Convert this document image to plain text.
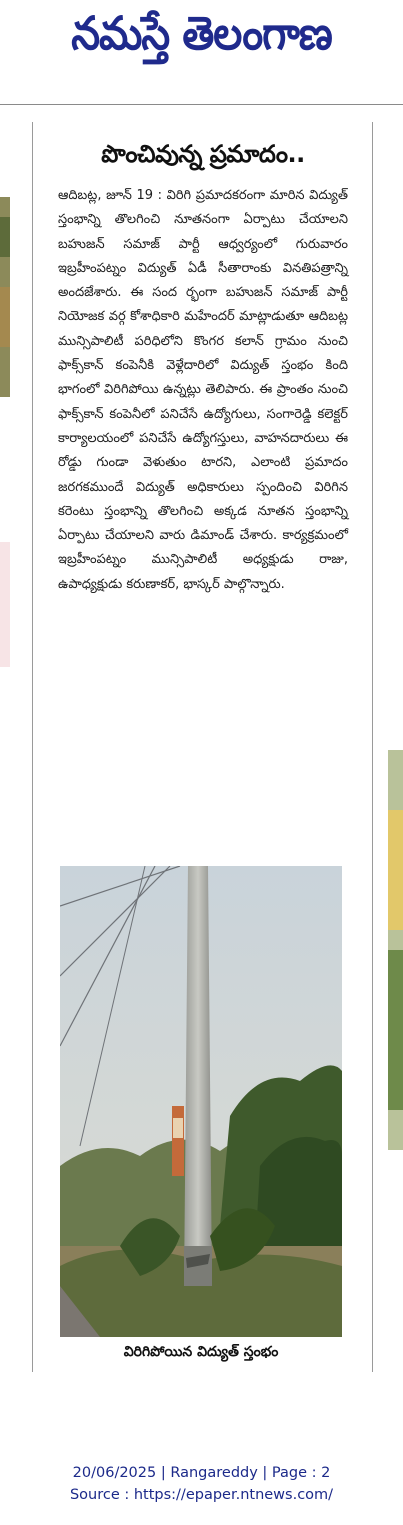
నమస్తే తెలంగాణ
పొంచివున్న ప్రమాదం..

ఆదిబట్ల, జూన్ 19 : విరిగి ప్రమాదకరంగా మారిన విద్యుత్ స్తంభాన్ని తొలగించి నూతనంగా ఏర్పాటు చేయాలని బహుజన్ సమాజ్ పార్టీ ఆధ్వర్యంలో గురువారం ఇబ్రహీంపట్నం విద్యుత్ ఏడీ సీతారాంకు వినతిపత్రాన్ని అందజేశారు. ఈ సంద ర్భంగా బహుజన్ సమాజ్ పార్టీ నియోజక వర్గ కోశాధికారి మహేందర్ మాట్లాడుతూ ఆదిబట్ల మున్సిపాలిటీ పరిధిలోని కొంగర కలాన్ గ్రామం నుంచి ఫాక్స్‌కాన్ కంపెనీకి వెళ్లేదారిలో విద్యుత్ స్తంభం కింది భాగంలో విరిగిపోయి ఉన్నట్లు తెలిపారు. ఈ ప్రాంతం నుంచి ఫాక్స్‌కాన్ కంపెనీలో పనిచేసే ఉద్యోగులు, సంగారెడ్డి కలెక్టర్ కార్యాలయంలో పనిచేసే ఉద్యోగస్తులు, వాహనదారులు ఈ రోడ్డు గుండా వెళుతుం టారని, ఎలాంటి ప్రమాదం జరగకముందే విద్యుత్ అధికారులు స్పందించి విరిగిన కరెంటు స్తంభాన్ని తొలగించి అక్కడ నూతన స్తంభాన్ని ఏర్పాటు చేయాలని వారు డిమాండ్ చేశారు. కార్యక్రమంలో ఇబ్రహీంపట్నం మున్సిపాలిటీ అధ్యక్షుడు రాజు, ఉపాధ్యక్షుడు కరుణాకర్, భాస్కర్ పాల్గొన్నారు.

విరిగిపోయిన విద్యుత్ స్తంభం
20/06/2025 | Rangareddy | Page : 2
Source : https://epaper.ntnews.com/
